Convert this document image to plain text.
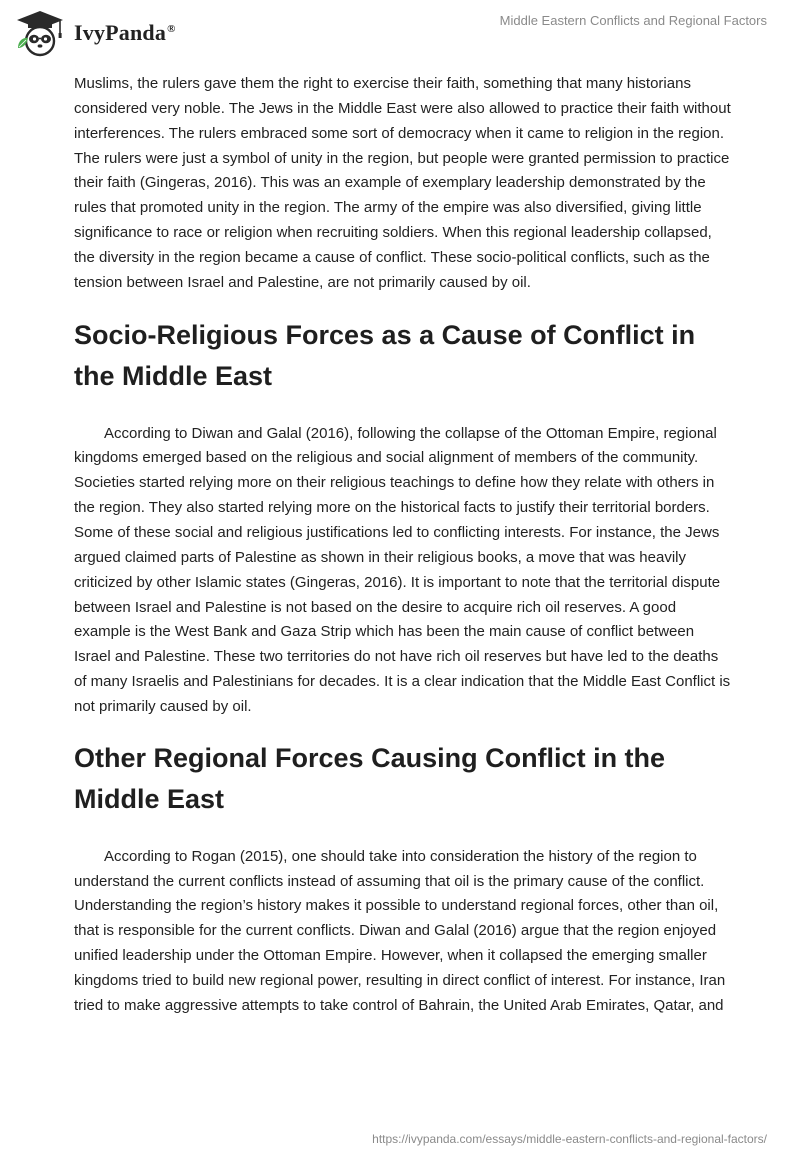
IvyPanda®
Middle Eastern Conflicts and Regional Factors

Muslims, the rulers gave them the right to exercise their faith, something that many historians considered very noble. The Jews in the Middle East were also allowed to practice their faith without interferences. The rulers embraced some sort of democracy when it came to religion in the region. The rulers were just a symbol of unity in the region, but people were granted permission to practice their faith (Gingeras, 2016). This was an example of exemplary leadership demonstrated by the rules that promoted unity in the region. The army of the empire was also diversified, giving little significance to race or religion when recruiting soldiers. When this regional leadership collapsed, the diversity in the region became a cause of conflict. These socio-political conflicts, such as the tension between Israel and Palestine, are not primarily caused by oil.

Socio-Religious Forces as a Cause of Conflict in the Middle East

According to Diwan and Galal (2016), following the collapse of the Ottoman Empire, regional kingdoms emerged based on the religious and social alignment of members of the community. Societies started relying more on their religious teachings to define how they relate with others in the region. They also started relying more on the historical facts to justify their territorial borders. Some of these social and religious justifications led to conflicting interests. For instance, the Jews argued claimed parts of Palestine as shown in their religious books, a move that was heavily criticized by other Islamic states (Gingeras, 2016). It is important to note that the territorial dispute between Israel and Palestine is not based on the desire to acquire rich oil reserves. A good example is the West Bank and Gaza Strip which has been the main cause of conflict between Israel and Palestine. These two territories do not have rich oil reserves but have led to the deaths of many Israelis and Palestinians for decades. It is a clear indication that the Middle East Conflict is not primarily caused by oil.

Other Regional Forces Causing Conflict in the Middle East

According to Rogan (2015), one should take into consideration the history of the region to understand the current conflicts instead of assuming that oil is the primary cause of the conflict. Understanding the region’s history makes it possible to understand regional forces, other than oil, that is responsible for the current conflicts. Diwan and Galal (2016) argue that the region enjoyed unified leadership under the Ottoman Empire. However, when it collapsed the emerging smaller kingdoms tried to build new regional power, resulting in direct conflict of interest. For instance, Iran tried to make aggressive attempts to take control of Bahrain, the United Arab Emirates, Qatar, and

https://ivypanda.com/essays/middle-eastern-conflicts-and-regional-factors/
